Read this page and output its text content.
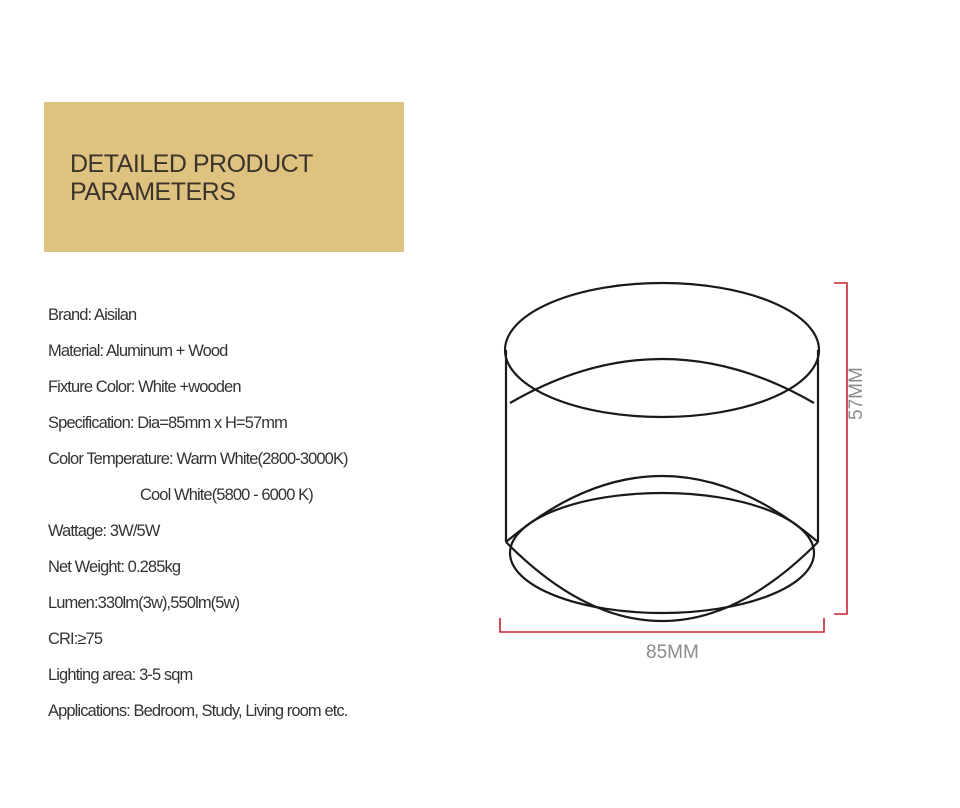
DETAILED PRODUCT
PARAMETERS
Brand: Aisilan
Material: Aluminum + Wood
Fixture Color: White +wooden
Specification: Dia=85mm x H=57mm
Color Temperature: Warm White(2800-3000K)
Cool White(5800 - 6000 K)
Wattage: 3W/5W
Net Weight: 0.285kg
Lumen:330lm(3w),550lm(5w)
CRI:≥75
Lighting area: 3-5 sqm
Applications: Bedroom, Study, Living room etc.
85MM
57MM
